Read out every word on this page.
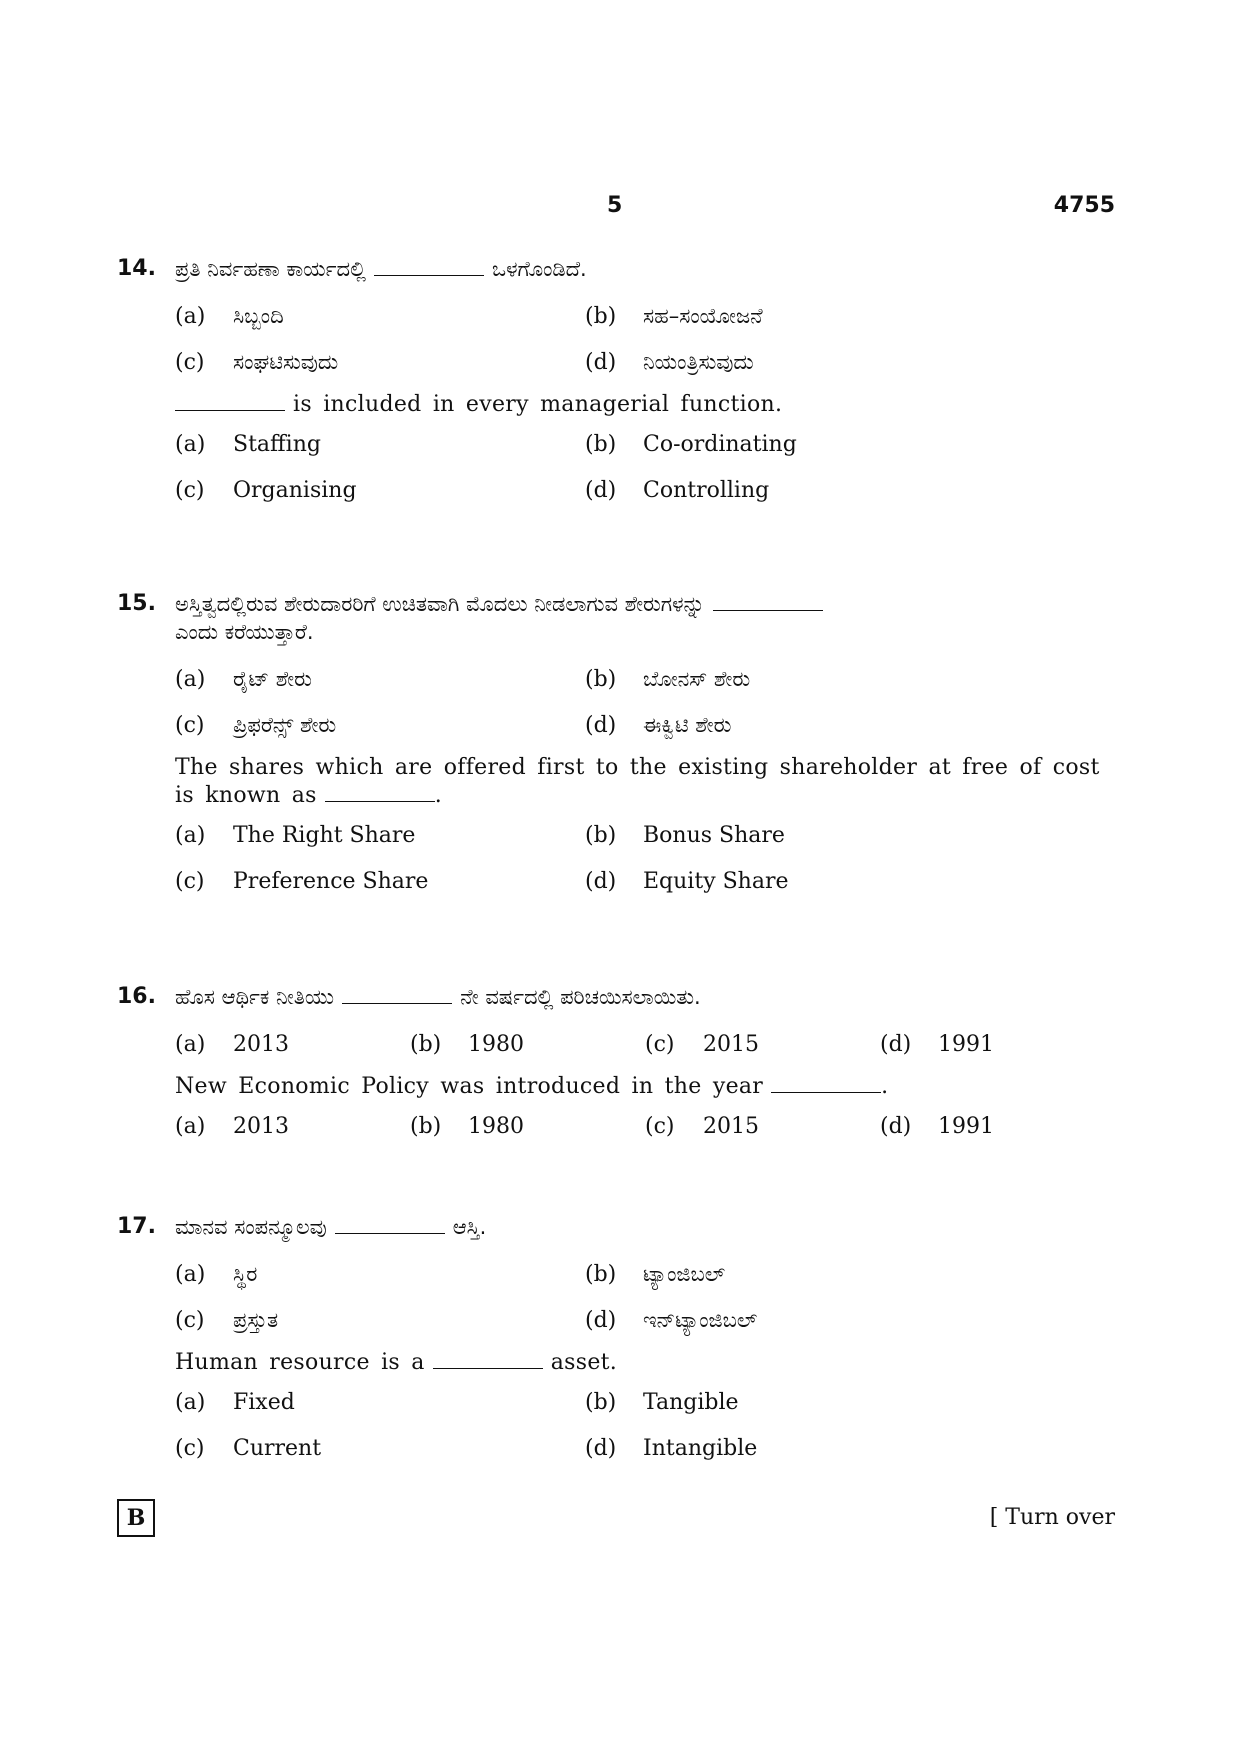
5	4755
14. ಪ್ರತಿ ನಿರ್ವಹಣಾ ಕಾರ್ಯದಲ್ಲಿ	ಒಳಗೊಂಡಿದೆ.
(a)	ಸಿಬ್ಬಂದಿ	(b)	ಸಹ–ಸಂಯೋಜನೆ
(c)	ಸಂಘಟಿಸುವುದು	(d)	ನಿಯಂತ್ರಿಸುವುದು
is included in every managerial function.
(a)	Staffing	(b)	Co-ordinating
(c)	Organising	(d)	Controlling
15. ಅಸ್ತಿತ್ವದಲ್ಲಿರುವ ಶೇರುದಾರರಿಗೆ ಉಚಿತವಾಗಿ ಮೊದಲು ನೀಡಲಾಗುವ ಶೇರುಗಳನ್ನು
ಎಂದು ಕರೆಯುತ್ತಾರೆ.
(a)	ರೈಟ್ ಶೇರು	(b)	ಬೋನಸ್ ಶೇರು
(c)	ಪ್ರಿಫರೆನ್ಸ್ ಶೇರು	(d)	ಈಕ್ವಿಟಿ ಶೇರು
The shares which are offered first to the existing shareholder at free of cost
is known as	.
(a)	The Right Share	(b)	Bonus Share
(c)	Preference Share	(d)	Equity Share
16. ಹೊಸ ಆರ್ಥಿಕ ನೀತಿಯು	ನೇ ವರ್ಷದಲ್ಲಿ ಪರಿಚಯಿಸಲಾಯಿತು.
(a)	2013	(b)	1980	(c)	2015	(d)	1991
New Economic Policy was introduced in the year	.
(a)	2013	(b)	1980	(c)	2015	(d)	1991
17. ಮಾನವ ಸಂಪನ್ಮೂಲವು	ಆಸ್ತಿ.
(a)	ಸ್ಥಿರ	(b)	ಟ್ಯಾಂಜಿಬಲ್
(c)	ಪ್ರಸ್ತುತ	(d)	ಇನ್‌ಟ್ಯಾಂಜಿಬಲ್
Human resource is a	asset.
(a)	Fixed	(b)	Tangible
(c)	Current	(d)	Intangible
B	[ Turn over
